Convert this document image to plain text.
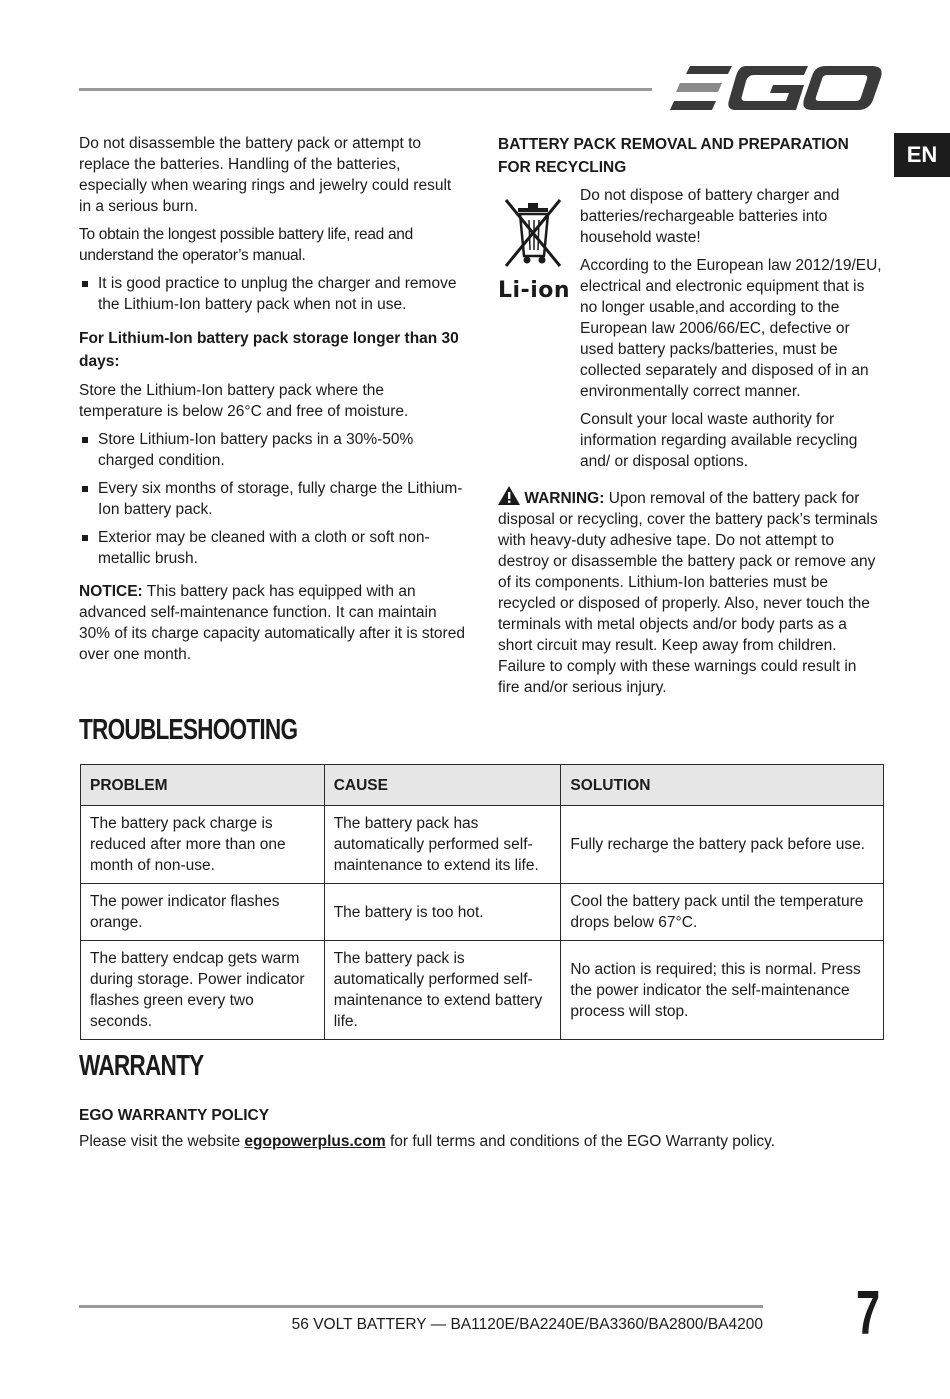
EN

Do not disassemble the battery pack or attempt to replace the batteries. Handling of the batteries, especially when wearing rings and jewelry could result in a serious burn.

To obtain the longest possible battery life, read and understand the operator’s manual.

It is good practice to unplug the charger and remove the Lithium-Ion battery pack when not in use.
For Lithium-Ion battery pack storage longer than 30 days:

Store the Lithium-Ion battery pack where the temperature is below 26°C and free of moisture.

Store Lithium-Ion battery packs in a 30%-50% charged condition.
Every six months of storage, fully charge the Lithium-Ion battery pack.
Exterior may be cleaned with a cloth or soft non-metallic brush.

NOTICE: This battery pack has equipped with an advanced self-maintenance function. It can maintain 30% of its charge capacity automatically after it is stored over one month.

BATTERY PACK REMOVAL AND PREPARATION FOR RECYCLING
Li-ion

Do not dispose of battery charger and batteries/rechargeable batteries into household waste!

According to the European law 2012/19/EU, electrical and electronic equipment that is no longer usable,and according to the European law 2006/66/EC, defective or used battery packs/batteries, must be collected separately and disposed of in an environmentally correct manner.

Consult your local waste authority for information regarding available recycling and/ or disposal options.

WARNING: Upon removal of the battery pack for disposal or recycling, cover the battery pack’s terminals with heavy-duty adhesive tape. Do not attempt to destroy or disassemble the battery pack or remove any of its components. Lithium-Ion batteries must be recycled or disposed of properly. Also, never touch the terminals with metal objects and/or body parts as a short circuit may result. Keep away from children. Failure to comply with these warnings could result in fire and/or serious injury.

TROUBLESHOOTING
PROBLEM	CAUSE	SOLUTION
The battery pack charge is reduced after more than one month of non-use.	The battery pack has automatically performed self-maintenance to extend its life.	Fully recharge the battery pack before use.
The power indicator flashes orange.	The battery is too hot.	Cool the battery pack until the temperature drops below 67°C.
The battery endcap gets warm during storage. Power indicator flashes green every two seconds.	The battery pack is automatically performed self-maintenance to extend battery life.	No action is required; this is normal. Press the power indicator the self-maintenance process will stop.
WARRANTY
EGO WARRANTY POLICY

Please visit the website egopowerplus.com for full terms and conditions of the EGO Warranty policy.

56 VOLT BATTERY — BA1120E/BA2240E/BA3360/BA2800/BA4200 7
